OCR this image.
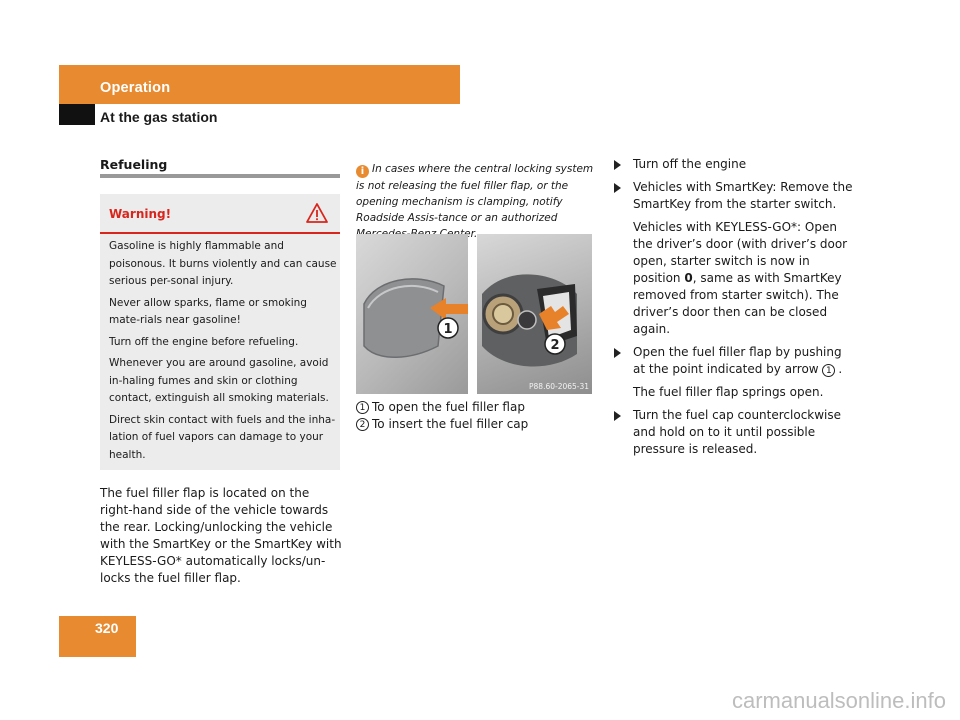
Operation
At the gas station
Refueling
Warning!

Gasoline is highly flammable and poisonous. It burns violently and can cause serious per-sonal injury.

Never allow sparks, flame or smoking mate-rials near gasoline!

Turn off the engine before refueling.

Whenever you are around gasoline, avoid in-haling fumes and skin or clothing contact, extinguish all smoking materials.

Direct skin contact with fuels and the inha-lation of fuel vapors can damage to your health.

The fuel filler flap is located on the right-hand side of the vehicle towards the rear. Locking/unlocking the vehicle with the SmartKey or the SmartKey with KEYLESS-GO* automatically locks/un-locks the fuel filler flap.
i In cases where the central locking system is not releasing the fuel filler flap, or the opening mechanism is clamping, notify Roadside Assis-tance or an authorized
1
2
P88.60-2065-31
1 To open the fuel filler flap
2 To insert the fuel filler cap
Turn off the engine
Vehicles with SmartKey: Remove the SmartKey from the starter switch.
Vehicles with KEYLESS-GO*: Open the driver’s door (with driver’s door open, starter switch is now in position 0, same as with SmartKey removed from starter switch). The driver’s door then can be closed again.
Open the fuel filler flap by pushing at the point indicated by arrow 1 .
The fuel filler flap springs open.
Turn the fuel cap counterclockwise and hold on to it until possible pressure is released.
320
carmanualsonline.info
